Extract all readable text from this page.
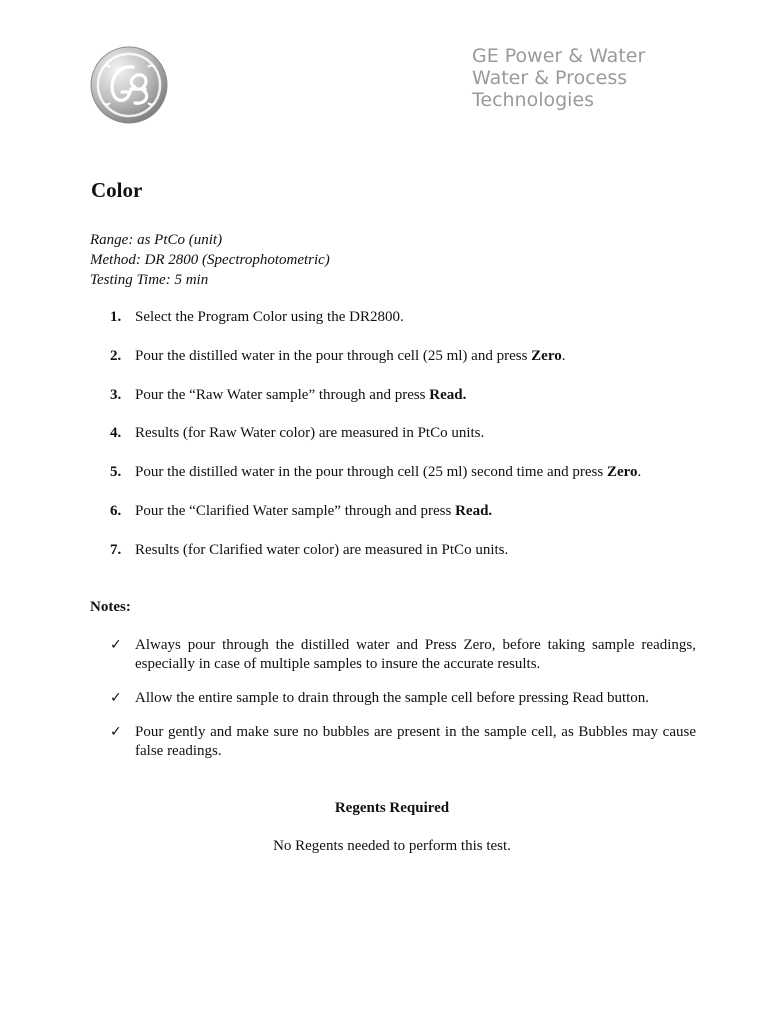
GE Power & Water
Water & Process
Technologies
Color
Range: as PtCo (unit)
Method: DR 2800 (Spectrophotometric)
Testing Time: 5 min
1. Select the Program Color using the DR2800.
2. Pour the distilled water in the pour through cell (25 ml) and press Zero.
3. Pour the “Raw Water sample” through and press Read.
4. Results (for Raw Water color) are measured in PtCo units.
5. Pour the distilled water in the pour through cell (25 ml) second time and press Zero.
6. Pour the “Clarified Water sample” through and press Read.
7. Results (for Clarified water color) are measured in PtCo units.
Notes:
✓ Always pour through the distilled water and Press Zero, before taking sample readings, especially in case of multiple samples to insure the accurate results.
✓ Allow the entire sample to drain through the sample cell before pressing Read button.
✓ Pour gently and make sure no bubbles are present in the sample cell, as Bubbles may cause false readings.
Regents Required
No Regents needed to perform this test.
